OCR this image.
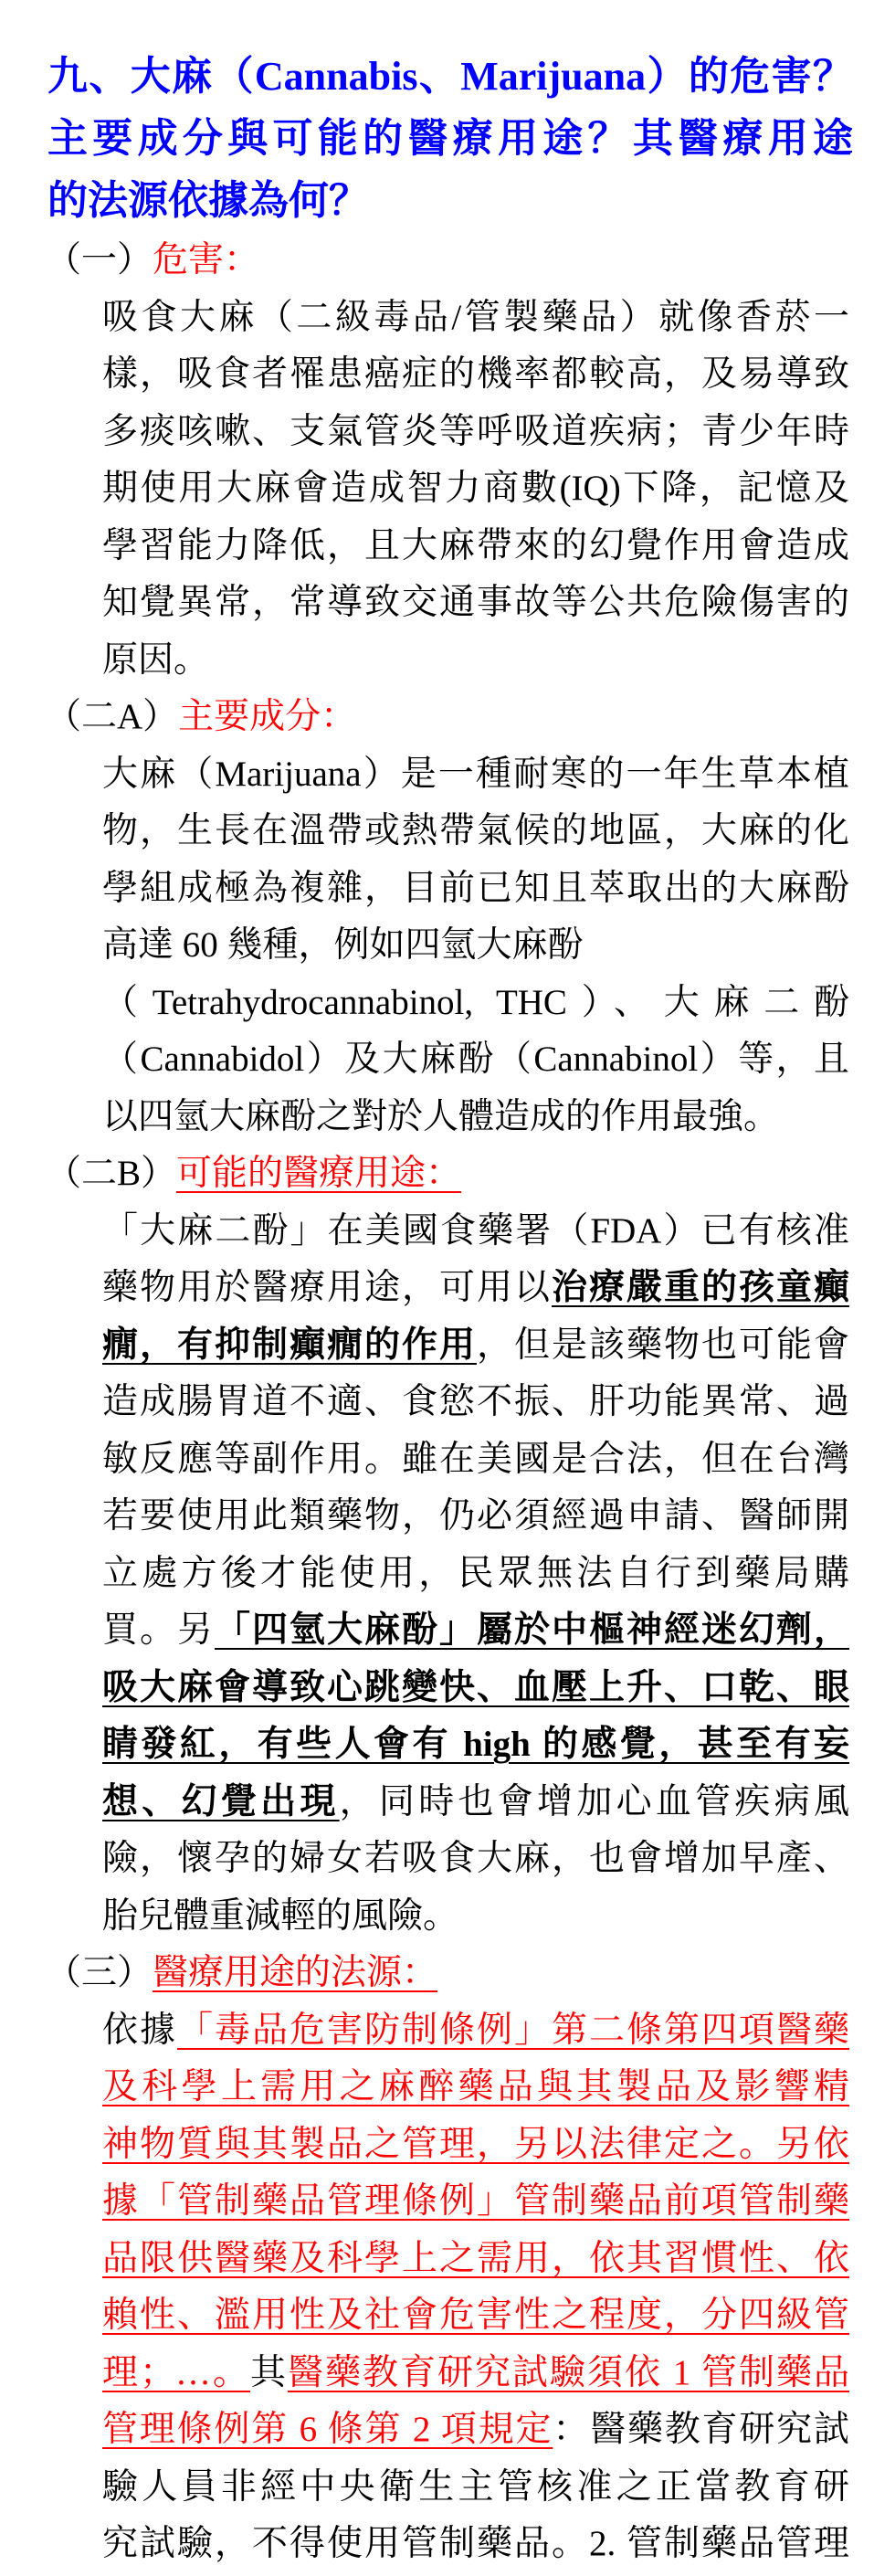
九、大麻（Cannabis、Marijuana）的危害？
主要成分與可能的醫療用途？其醫療用途
的法源依據為何？
（一）危害：
吸食大麻（二級毒品/管製藥品）就像香菸一
樣，吸食者罹患癌症的機率都較高，及易導致
多痰咳嗽、支氣管炎等呼吸道疾病；青少年時
期使用大麻會造成智力商數(IQ)下降，記憶及
學習能力降低，且大麻帶來的幻覺作用會造成
知覺異常，常導致交通事故等公共危險傷害的
原因。
（二A）主要成分：
大麻（Marijuana）是一種耐寒的一年生草本植
物，生長在溫帶或熱帶氣候的地區，大麻的化
學組成極為複雜，目前已知且萃取出的大麻酚
高達 60 幾種，例如四氫大麻酚
（Tetrahydrocannabinol, THC）、大麻二酚
（Cannabidol）及大麻酚（Cannabinol）等，且
以四氫大麻酚之對於人體造成的作用最強。
（二B）可能的醫療用途：
「大麻二酚」在美國食藥署（FDA）已有核准
藥物用於醫療用途，可用以治療嚴重的孩童癲
癇，有抑制癲癇的作用，但是該藥物也可能會
造成腸胃道不適、食慾不振、肝功能異常、過
敏反應等副作用。雖在美國是合法，但在台灣
若要使用此類藥物，仍必須經過申請、醫師開
立處方後才能使用，民眾無法自行到藥局購
買。另「四氫大麻酚」屬於中樞神經迷幻劑，
吸大麻會導致心跳變快、血壓上升、口乾、眼
睛發紅，有些人會有 high 的感覺，甚至有妄
想、幻覺出現，同時也會增加心血管疾病風
險，懷孕的婦女若吸食大麻，也會增加早產、
胎兒體重減輕的風險。
（三）醫療用途的法源：
依據「毒品危害防制條例」第二條第四項醫藥
及科學上需用之麻醉藥品與其製品及影響精
神物質與其製品之管理，另以法律定之。另依
據「管制藥品管理條例」管制藥品前項管制藥
品限供醫藥及科學上之需用，依其習慣性、依
賴性、濫用性及社會危害性之程度，分四級管
理；…。其醫藥教育研究試驗須依 1 管制藥品
管理條例第 6 條第 2 項規定：醫藥教育研究試
驗人員非經中央衛生主管核准之正當教育研
究試驗，不得使用管制藥品。2. 管制藥品管理
